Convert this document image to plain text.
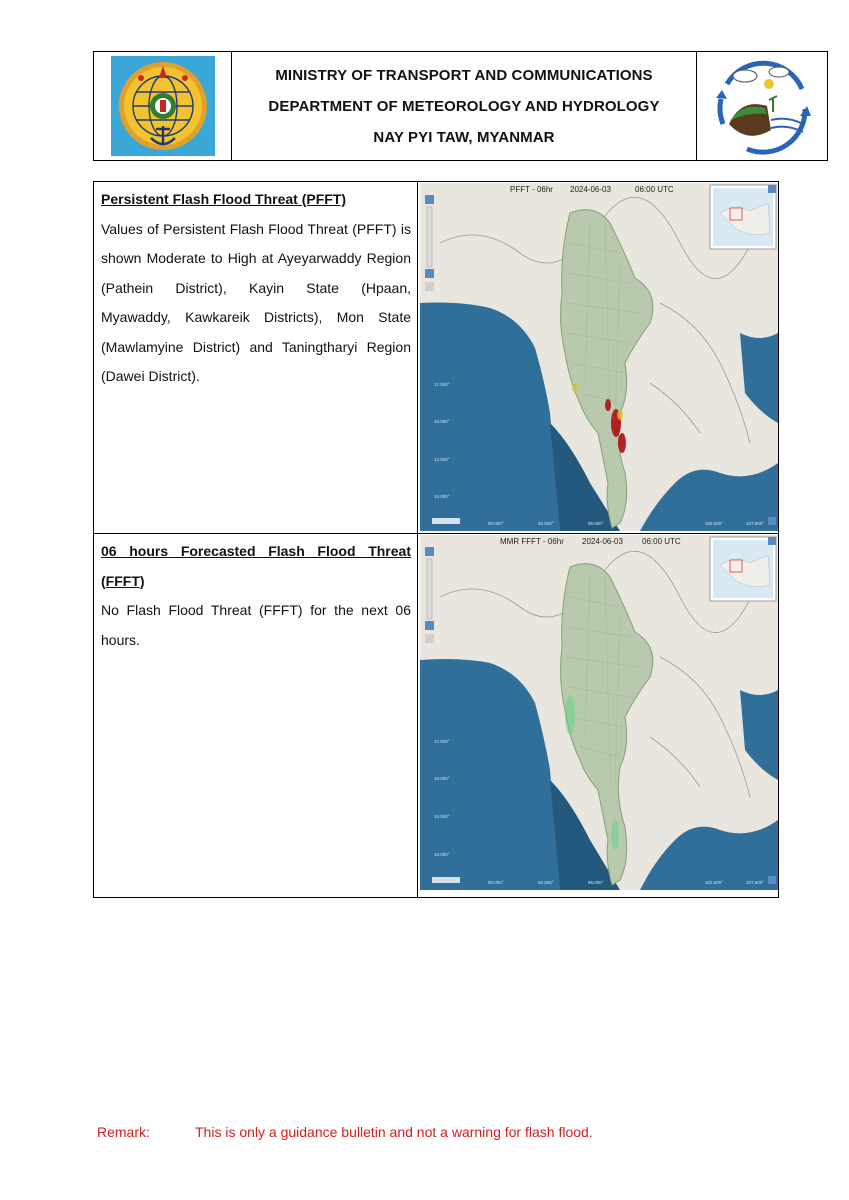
MINISTRY OF TRANSPORT AND COMMUNICATIONS
DEPARTMENT OF METEOROLOGY AND HYDROLOGY
NAY PYI TAW, MYANMAR

Persistent Flash Flood Threat (PFFT)

Values of Persistent Flash Flood Threat (PFFT) is shown Moderate to High at Ayeyarwaddy Region (Pathein District), Kayin State (Hpaan, Myawaddy, Kawkareik Districts), Mon State (Mawlamyine District) and Taningtharyi Region (Dawei District).

PFFT - 06hr 2024-06-03	06:00 UTC
17.500°
15.000°
12.500°
10.000°
90.000°	92.500°	95.000°	97.500°	102.500°	107.500°

06 hours Forecasted Flash Flood Threat (FFFT)

No Flash Flood Threat (FFFT) for the next 06 hours.

MMR FFFT - 06hr 2024-06-03 06:00 UTC
17.500°
15.000°
12.500°
10.000°
90.000°	92.500°	95.000°	97.500°	102.500°	107.500°
Remark:	This is only a guidance bulletin and not a warning for flash flood.
